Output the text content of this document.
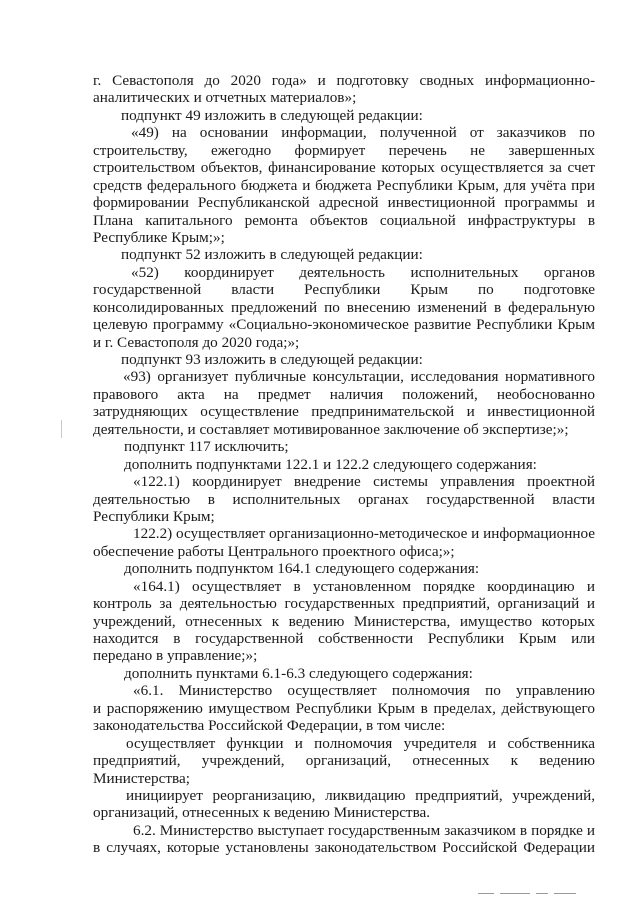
г. Севастополя до 2020 года» и подготовку сводных информационно-
аналитических и отчетных материалов»;
подпункт 49 изложить в следующей редакции:
«49) на основании информации, полученной от заказчиков по
строительству, ежегодно формирует перечень не завершенных
строительством объектов, финансирование которых осуществляется за счет
средств федерального бюджета и бюджета Республики Крым, для учёта при
формировании Республиканской адресной инвестиционной программы и
Плана капитального ремонта объектов социальной инфраструктуры в
Республике Крым;»;
подпункт 52 изложить в следующей редакции:
«52) координирует деятельность исполнительных органов
государственной власти Республики Крым по подготовке
консолидированных предложений по внесению изменений в федеральную
целевую программу «Социально-экономическое развитие Республики Крым
и г. Севастополя до 2020 года;»;
подпункт 93 изложить в следующей редакции:
«93) организует публичные консультации, исследования нормативного
правового акта на предмет наличия положений, необоснованно
затрудняющих осуществление предпринимательской и инвестиционной
деятельности, и составляет мотивированное заключение об экспертизе;»;
подпункт 117 исключить;
дополнить подпунктами 122.1 и 122.2 следующего содержания:
«122.1) координирует внедрение системы управления проектной
деятельностью в исполнительных органах государственной власти
Республики Крым;
122.2) осуществляет организационно-методическое и информационное
обеспечение работы Центрального проектного офиса;»;
дополнить подпунктом 164.1 следующего содержания:
«164.1) осуществляет в установленном порядке координацию и
контроль за деятельностью государственных предприятий, организаций и
учреждений, отнесенных к ведению Министерства, имущество которых
находится в государственной собственности Республики Крым или
передано в управление;»;
дополнить пунктами 6.1-6.3 следующего содержания:
«6.1. Министерство осуществляет полномочия по управлению
и распоряжению имуществом Республики Крым в пределах, действующего
законодательства Российской Федерации, в том числе:
осуществляет функции и полномочия учредителя и собственника
предприятий, учреждений, организаций, отнесенных к ведению
Министерства;
инициирует реорганизацию, ликвидацию предприятий, учреждений,
организаций, отнесенных к ведению Министерства.
6.2. Министерство выступает государственным заказчиком в порядке и
в случаях, которые установлены законодательством Российской Федерации
